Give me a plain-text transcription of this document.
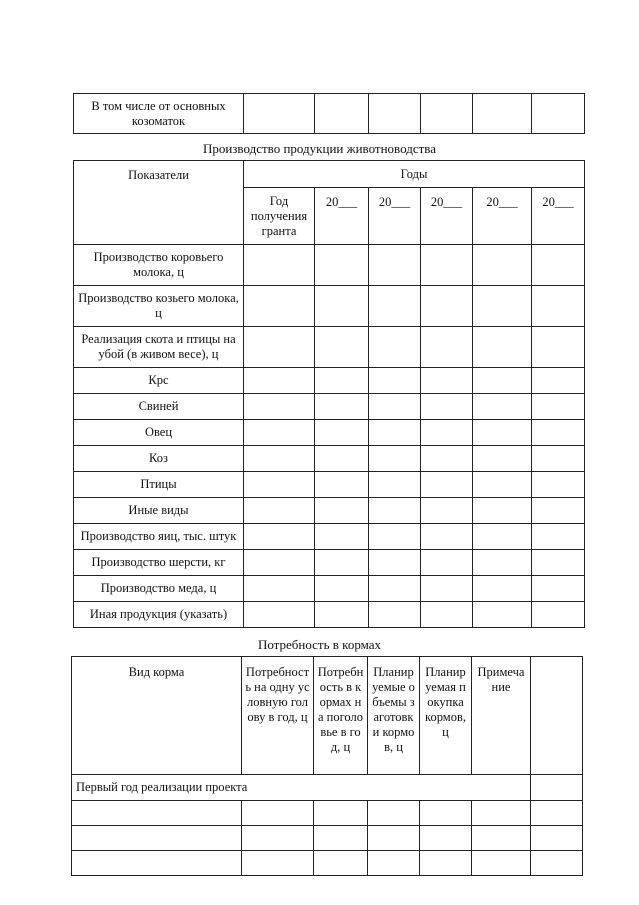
В том числе от основных козоматок						
Производство продукции животноводства
Показатели	Годы					
	Год получения гранта	20___	20___	20___	20___	20___
Производство коровьего молока, ц						
Производство козьего молока, ц						
Реализация скота и птицы на убой (в живом весе), ц						
Крс						
Свиней						
Овец						
Коз						
Птицы						
Иные виды						
Производство яиц, тыс. штук						
Производство шерсти, кг						
Производство меда, ц						
Иная продукция (указать)						
Потребность в кормах
Вид корма	Потребность на одну условную голову в год, ц	Потребность в кормах на поголовье в год, ц	Планируемые объемы заготовки кормов, ц	Планируемая покупка кормов, ц	Примечание	
Первый год реализации проекта						
